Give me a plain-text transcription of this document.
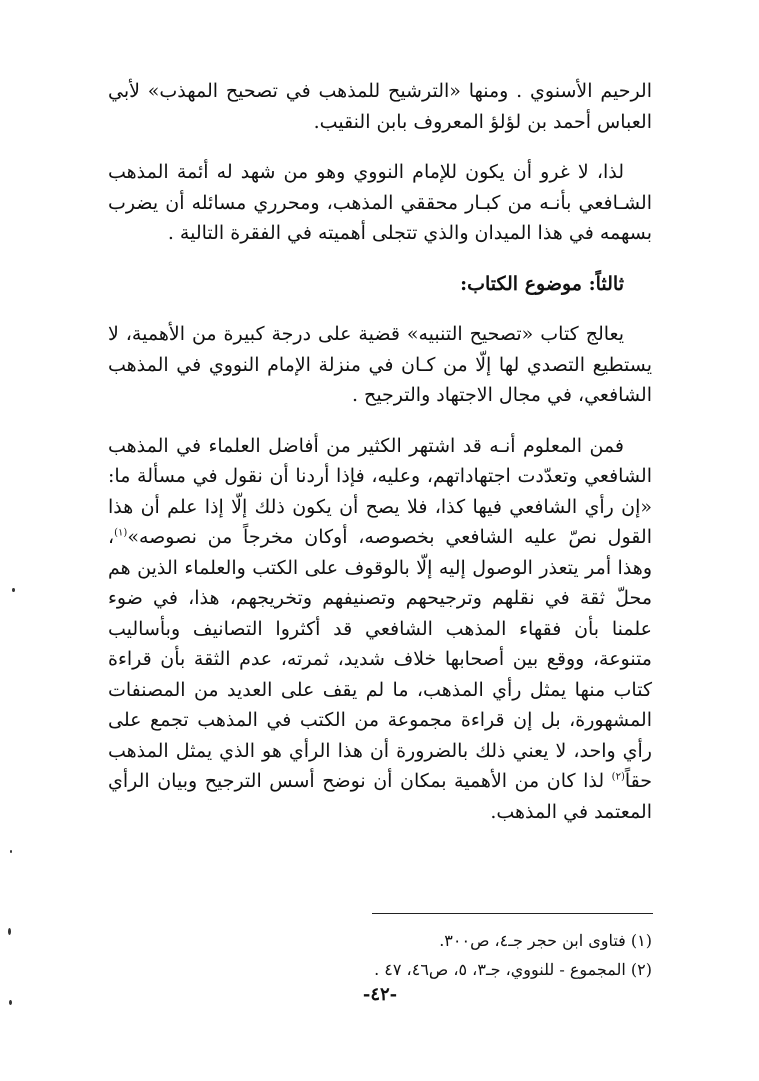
الرحيم الأسنوي . ومنها «الترشيح للمذهب في تصحيح المهذب» لأبي العباس أحمد بن لؤلؤ المعروف بابن النقيب.

لذا، لا غرو أن يكون للإمام النووي وهو من شهد له أئمة المذهب الشـافعي بأنـه من كبـار محققي المذهب، ومحرري مسائله أن يضرب بسهمه في هذا الميدان والذي تتجلى أهميته في الفقرة التالية .

ثالثاً: موضوع الكتاب:

يعالج كتاب «تصحيح التنبيه» قضية على درجة كبيرة من الأهمية، لا يستطيع التصدي لها إلّا من كـان في منزلة الإمام النووي في المذهب الشافعي، في مجال الاجتهاد والترجيح .

فمن المعلوم أنـه قد اشتهر الكثير من أفاضل العلماء في المذهب الشافعي وتعدّدت اجتهاداتهم، وعليه، فإذا أردنا أن نقول في مسألة ما: «إن رأي الشافعي فيها كذا، فلا يصح أن يكون ذلك إلّا إذا علم أن هذا القول نصّ عليه الشافعي بخصوصه، أوكان مخرجاً من نصوصه»$^{(١)}$، وهذا أمر يتعذر الوصول إليه إلّا بالوقوف على الكتب والعلماء الذين هم محلّ ثقة في نقلهم وترجيحهم وتصنيفهم وتخريجهم، هذا، في ضوء علمنا بأن فقهاء المذهب الشافعي قد أكثروا التصانيف وبأساليب متنوعة، ووقع بين أصحابها خلاف شديد، ثمرته، عدم الثقة بأن قراءة كتاب منها يمثل رأي المذهب، ما لم يقف على العديد من المصنفات المشهورة، بل إن قراءة مجموعة من الكتب في المذهب تجمع على رأي واحد، لا يعني ذلك بالضرورة أن هذا الرأي هو الذي يمثل المذهب حقاً$^{(٢)}$ لذا كان من الأهمية بمكان أن نوضح أسس الترجيح وبيان الرأي المعتمد في المذهب.

(١) فتاوى ابن حجر جـ٤، ص٣٠٠.

(٢) المجموع - للنووي، جـ٣، ٥، ص٤٦، ٤٧ .

-٤٢-
